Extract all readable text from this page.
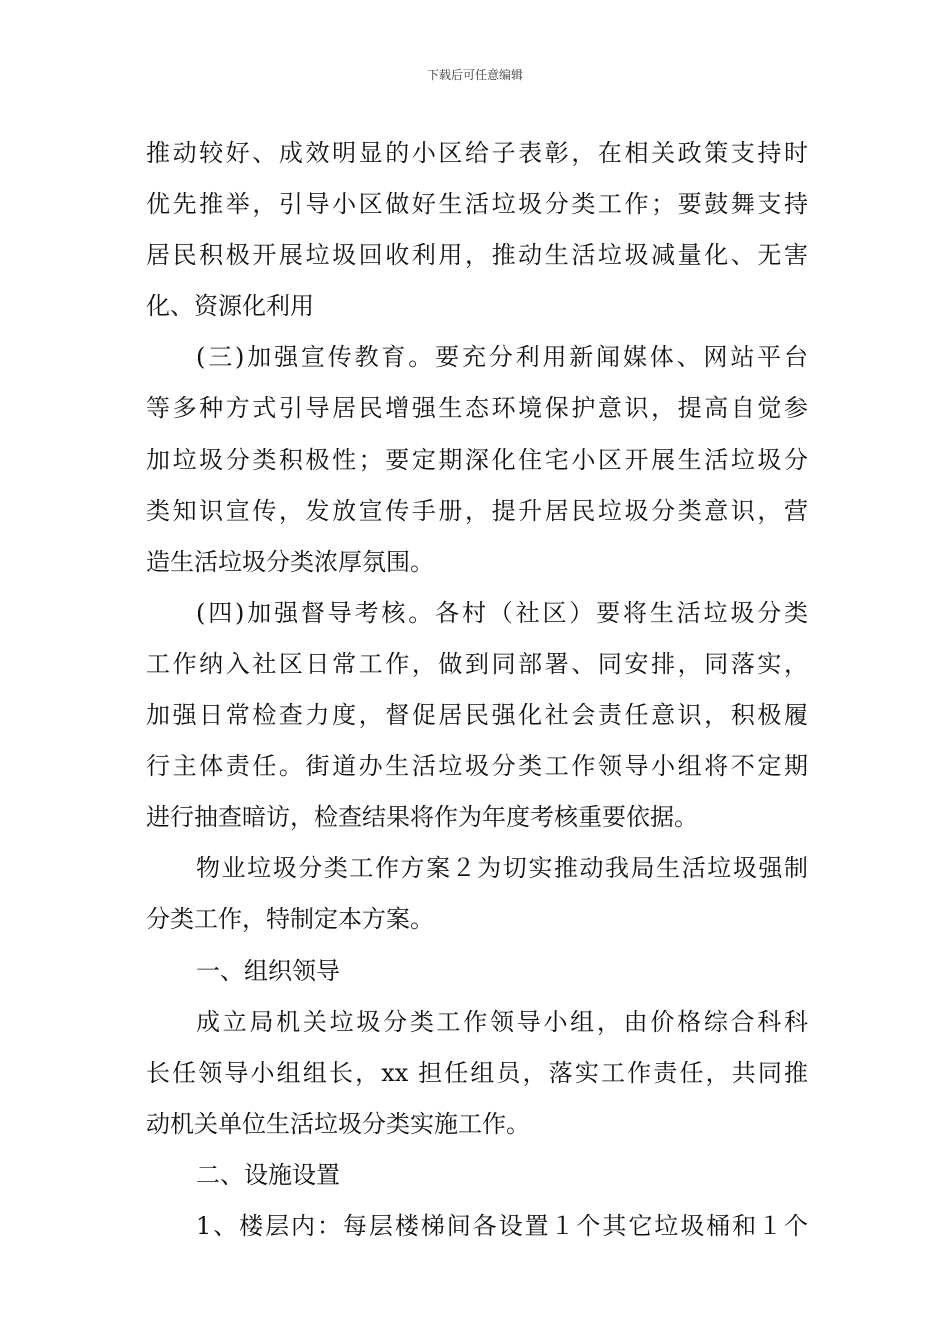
下载后可任意编辑
推动较好、成效明显的小区给子表彰，在相关政策支持时
优先推举，引导小区做好生活垃圾分类工作；要鼓舞支持
居民积极开展垃圾回收利用，推动生活垃圾减量化、无害
化、资源化利用
(三)加强宣传教育。要充分利用新闻媒体、网站平台
等多种方式引导居民增强生态环境保护意识，提高自觉参
加垃圾分类积极性；要定期深化住宅小区开展生活垃圾分
类知识宣传，发放宣传手册，提升居民垃圾分类意识，营
造生活垃圾分类浓厚氛围。
(四)加强督导考核。各村（社区）要将生活垃圾分类
工作纳入社区日常工作，做到同部署、同安排，同落实，
加强日常检查力度，督促居民强化社会责任意识，积极履
行主体责任。街道办生活垃圾分类工作领导小组将不定期
进行抽查暗访，检查结果将作为年度考核重要依据。
物业垃圾分类工作方案２为切实推动我局生活垃圾强制
分类工作，特制定本方案。
一、组织领导
成立局机关垃圾分类工作领导小组，由价格综合科科
长任领导小组组长，xx 担任组员，落实工作责任，共同推
动机关单位生活垃圾分类实施工作。
二、设施设置
1、楼层内：每层楼梯间各设置１个其它垃圾桶和１个
